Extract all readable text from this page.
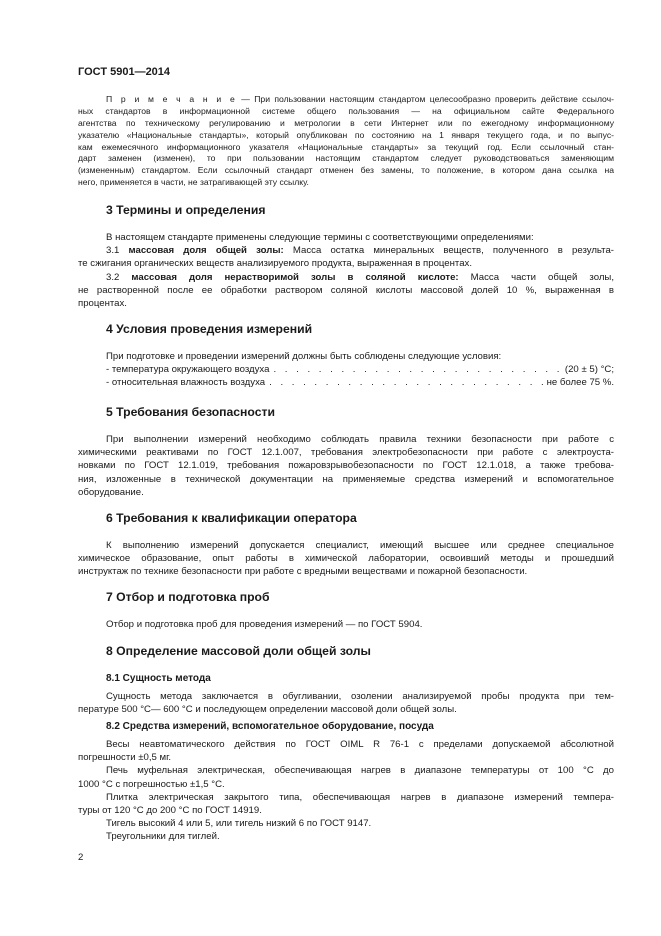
ГОСТ 5901—2014
П р и м е ч а н и е — При пользовании настоящим стандартом целесообразно проверить действие ссылоч-
ных стандартов в информационной системе общего пользования — на официальном сайте Федерального
агентства по техническому регулированию и метрологии в сети Интернет или по ежегодному информационному
указателю «Национальные стандарты», который опубликован по состоянию на 1 января текущего года, и по выпус-
кам ежемесячного информационного указателя «Национальные стандарты» за текущий год. Если ссылочный стан-
дарт заменен (изменен), то при пользовании настоящим стандартом следует руководствоваться заменяющим
(измененным) стандартом. Если ссылочный стандарт отменен без замены, то положение, в котором дана ссылка на
него, применяется в части, не затрагивающей эту ссылку.
3 Термины и определения
В настоящем стандарте применены следующие термины с соответствующими определениями:
3.1 массовая доля общей золы: Масса остатка минеральных веществ, полученного в результа-
те сжигания органических веществ анализируемого продукта, выраженная в процентах.
3.2 массовая доля нерастворимой золы в соляной кислоте: Масса части общей золы,
не растворенной после ее обработки раствором соляной кислоты массовой долей 10 %, выраженная в
процентах.
4 Условия проведения измерений
При подготовке и проведении измерений должны быть соблюдены следующие условия:
- температура окружающего воздуха . . .	(20 ± 5) °С;
- относительная влажность воздуха . . .	не более 75 %.
5 Требования безопасности
При выполнении измерений необходимо соблюдать правила техники безопасности при работе с
химическими реактивами по ГОСТ 12.1.007, требования электробезопасности при работе с электроуста-
новками по ГОСТ 12.1.019, требования пожаровзрывобезопасности по ГОСТ 12.1.018, а также требова-
ния, изложенные в технической документации на применяемые средства измерений и вспомогательное
оборудование.
6 Требования к квалификации оператора
К выполнению измерений допускается специалист, имеющий высшее или среднее специальное
химическое образование, опыт работы в химической лаборатории, освоивший методы и прошедший
инструктаж по технике безопасности при работе с вредными веществами и пожарной безопасности.
7 Отбор и подготовка проб
Отбор и подготовка проб для проведения измерений — по ГОСТ 5904.
8 Определение массовой доли общей золы
8.1 Сущность метода
Сущность метода заключается в обугливании, озолении анализируемой пробы продукта при тем-
пературе 500 °С— 600 °С и последующем определении массовой доли общей золы.
8.2 Средства измерений, вспомогательное оборудование, посуда
Весы неавтоматического действия по ГОСТ OIML R 76-1 с пределами допускаемой абсолютной
погрешности ±0,5 мг.
Печь муфельная электрическая, обеспечивающая нагрев в диапазоне температуры от 100 °С до
1000 °С с погрешностью ±1,5 °С.
Плитка электрическая закрытого типа, обеспечивающая нагрев в диапазоне измерений темпера-
туры от 120 °С до 200 °С по ГОСТ 14919.
Тигель высокий 4 или 5, или тигель низкий 6 по ГОСТ 9147.
Треугольники для тиглей.
2
